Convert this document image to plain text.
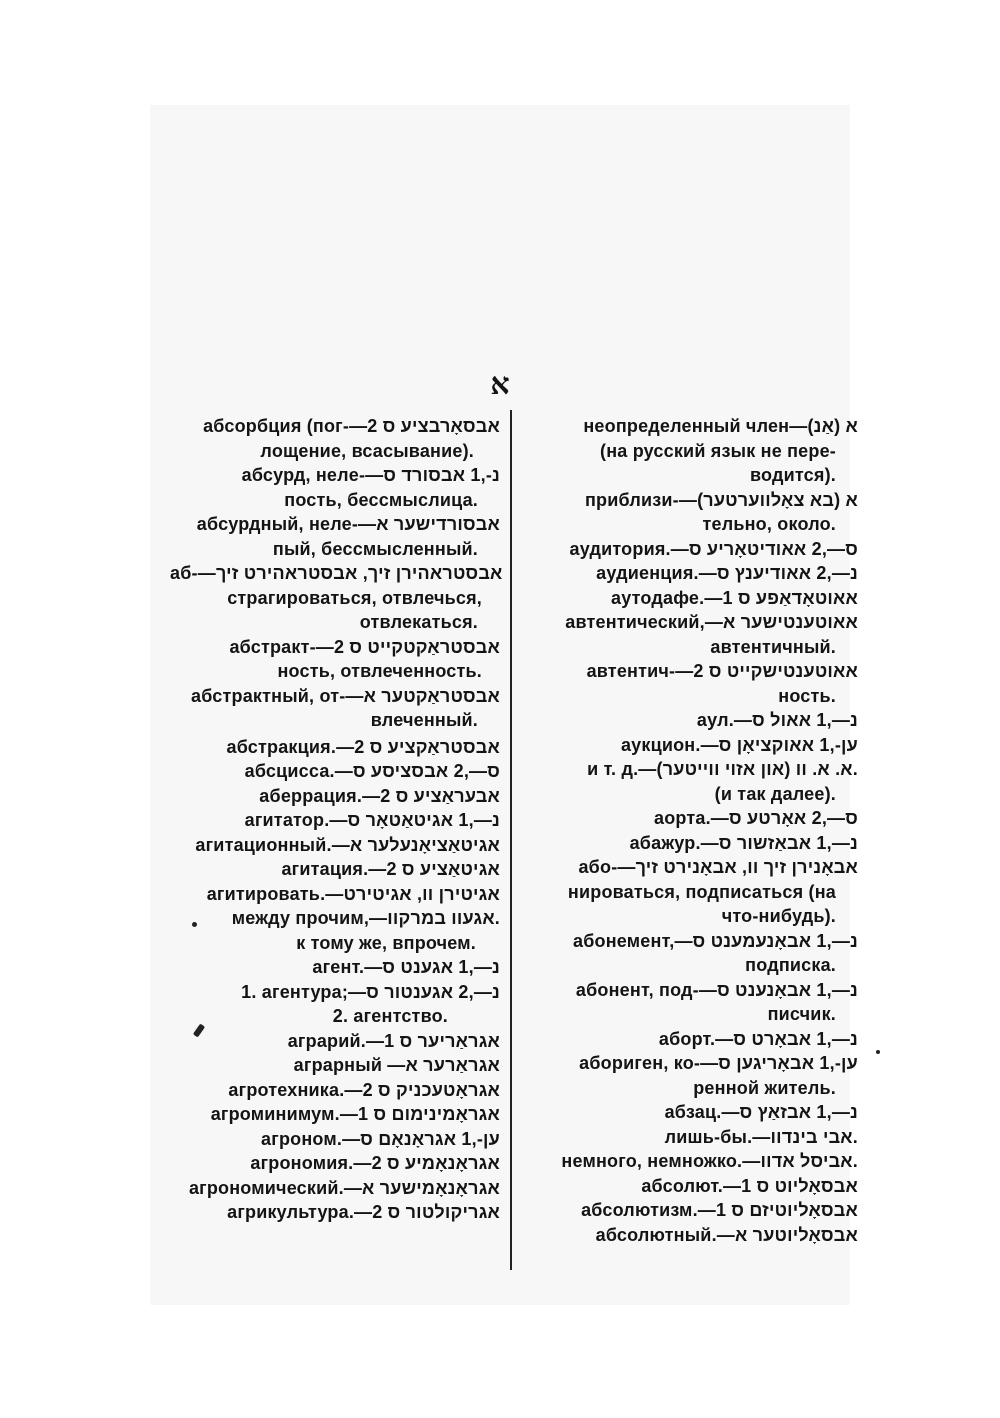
א
абсорбция (пог-—2 אבסאָרבציע ס
лощение, всасывание).
абсурд, нелe-—נ-,1 אבסורד ס
пость, бессмыслица.
абсурдный, неле-—אבסורדישער א
пый, бессмысленный.
аб-—אבסטראהירן זיך, אבסטראהירט זיך
страгироваться, отвлечься,
отвлекаться.
абстракт-—2 אבסטראַקטקייט ס
ность, отвлеченность.
абстрактный, от-—אבסטראַקטער א
влеченный.
абстракция.—2 אבסטראַקציע ס
абсцисса.—ס—,2 אבסציסע ס
аберрация.—2 אבעראַציע ס
агитатор.—נ—,1 אגיטאַטאָר ס
агитационный.—אגיטאַציאָנעלער א
агитация.—2 אגיטאַציע ס
агитировать.—אגיטירן וו, אגיטירט
между прочим,—אגעוו במרקוו.
к тому же, впрочем.
агент.—נ—,1 אגענט ס
1. агентура;—נ—,2 אגענטור ס
2. агентство.
аграрий.—1 אגראַריער ס
аграрный —אגראַרער א
агротехника.—2 אגראָטעכניק ס
агроминимум.—1 אגראָמינימום ס
агроном.—ען-,1 אגראָנאָם ס
агрономия.—2 אגראָנאָמיע ס
агрономический.—אגראָנאָמישער א
агрикультура.—2 אגריקולטור ס
неопределенный член—(אַנ) א
(на русский язык не пере-
водится).
приблизи-—(בא צאָלווערטער) א
тельно, около.
аудитория.—ס—,2 אאודיטאָריע ס
аудиенция.—נ—,2 אאודיענץ ס
аутодафе.—1 אאוטאָדאַפע ס
автентический,—אאוטענטישער א
автентичный.
автентич-—2 אאוטענטישקייט ס
ность.
аул.—נ—,1 אאול ס
аукцион.—ען-,1 אאוקציאָן ס
и т. д.—(און אזוי ווייטער) א. א. וו.
(и так далее).
аорта.—ס—,2 אאָרטע ס
абажур.—נ—,1 אבאַזשור ס
або-—אבאָנירן זיך וו, אבאָנירט זיך
нироваться, подписаться (на
что-нибудь).
абонемент,—נ—,1 אבאָנעמענט ס
подписка.
абонент, под-—נ—,1 אבאָנענט ס
писчик.
аборт.—נ—,1 אבאָרט ס
абориген, ко-—ען-,1 אבאָריגען ס
ренной житель.
абзац.—נ—,1 אבזאַץ ס
лишь-бы.—אבי בינדוו.
немного, немножко.—אביסל אדוו.
абсолют.—1 אבסאָליוט ס
абсолютизм.—1 אבסאָליוטיזם ס
абсолютный.—אבסאָליוטער א
